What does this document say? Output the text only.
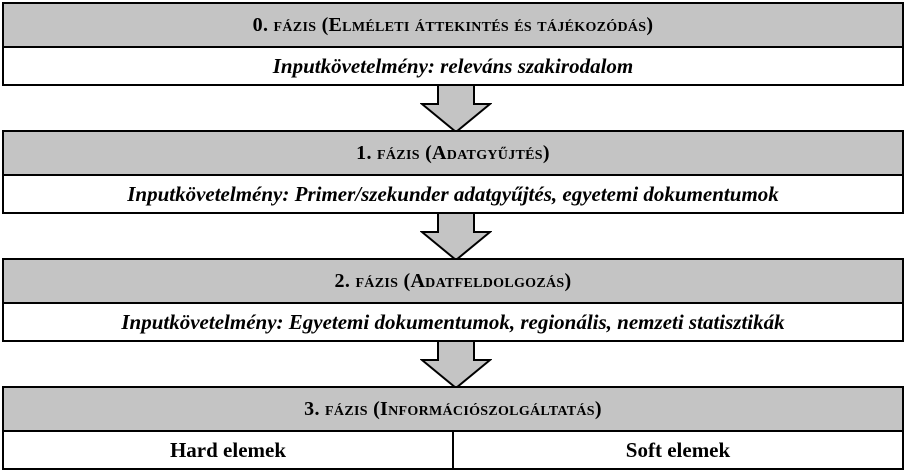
0. fázis (Elméleti áttekintés és tájékozódás)
Inputkövetelmény: releváns szakirodalom
1. fázis (Adatgyűjtés)
Inputkövetelmény: Primer/szekunder adatgyűjtés, egyetemi dokumentumok
2. fázis (Adatfeldolgozás)
Inputkövetelmény: Egyetemi dokumentumok, regionális, nemzeti statisztikák
3. fázis (Információszolgáltatás)
Hard elemek	Soft elemek
